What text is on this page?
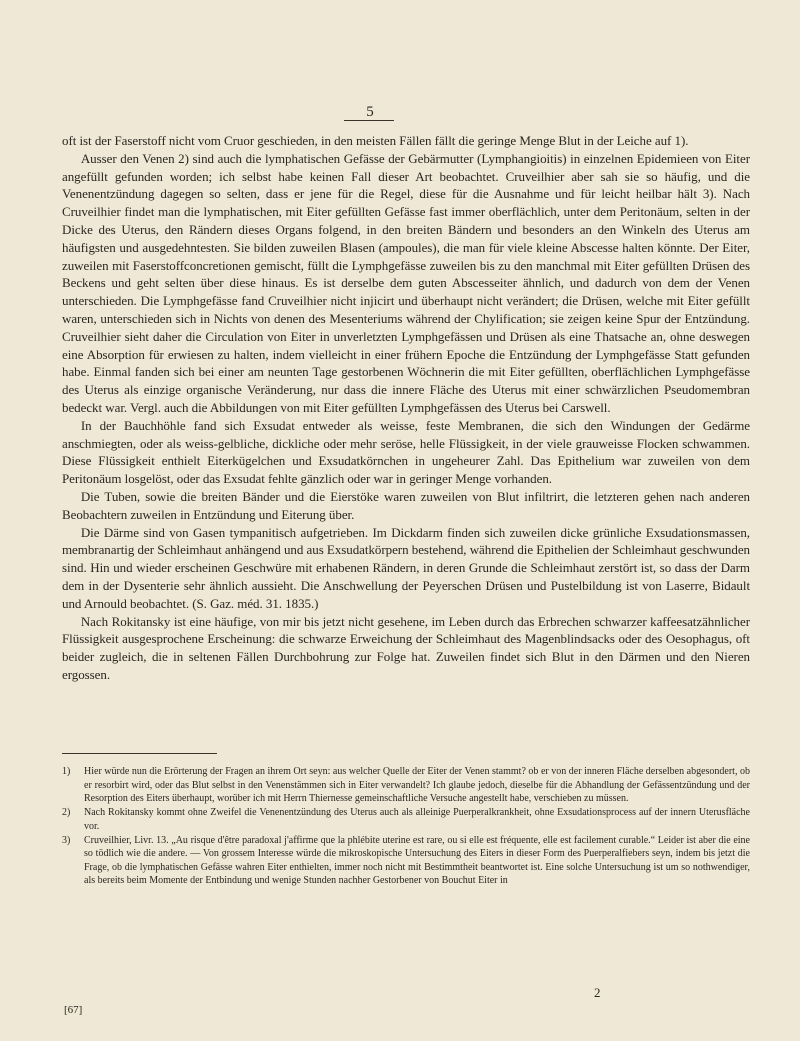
5

oft ist der Faserstoff nicht vom Cruor geschieden, in den meisten Fällen fällt die geringe Menge Blut in der Leiche auf 1).

Ausser den Venen 2) sind auch die lymphatischen Gefässe der Gebärmutter (Lymphangioitis) in einzelnen Epidemieen von Eiter angefüllt gefunden worden; ich selbst habe keinen Fall dieser Art beobachtet. Cruveilhier aber sah sie so häufig, und die Venenentzündung dagegen so selten, dass er jene für die Regel, diese für die Ausnahme und für leicht heilbar hält 3). Nach Cruveilhier findet man die lymphatischen, mit Eiter gefüllten Gefässe fast immer oberflächlich, unter dem Peritonäum, selten in der Dicke des Uterus, den Rändern dieses Organs folgend, in den breiten Bändern und besonders an den Winkeln des Uterus am häufigsten und ausgedehntesten. Sie bilden zuweilen Blasen (ampoules), die man für viele kleine Abscesse halten könnte. Der Eiter, zuweilen mit Faserstoffconcretionen gemischt, füllt die Lymphgefässe zuweilen bis zu den manchmal mit Eiter gefüllten Drüsen des Beckens und geht selten über diese hinaus. Es ist derselbe dem guten Abscesseiter ähnlich, und dadurch von dem der Venen unterschieden. Die Lymphgefässe fand Cruveilhier nicht injicirt und überhaupt nicht verändert; die Drüsen, welche mit Eiter gefüllt waren, unterschieden sich in Nichts von denen des Mesenteriums während der Chylification; sie zeigen keine Spur der Entzündung. Cruveilhier sieht daher die Circulation von Eiter in unverletzten Lymphgefässen und Drüsen als eine Thatsache an, ohne deswegen eine Absorption für erwiesen zu halten, indem vielleicht in einer frühern Epoche die Entzündung der Lymphgefässe Statt gefunden habe. Einmal fanden sich bei einer am neunten Tage gestorbenen Wöchnerin die mit Eiter gefüllten, oberflächlichen Lymphgefässe des Uterus als einzige organische Veränderung, nur dass die innere Fläche des Uterus mit einer schwärzlichen Pseudomembran bedeckt war. Vergl. auch die Abbildungen von mit Eiter gefüllten Lymphgefässen des Uterus bei Carswell.

In der Bauchhöhle fand sich Exsudat entweder als weisse, feste Membranen, die sich den Windungen der Gedärme anschmiegten, oder als weiss-gelbliche, dickliche oder mehr seröse, helle Flüssigkeit, in der viele grauweisse Flocken schwammen. Diese Flüssigkeit enthielt Eiterkügelchen und Exsudatkörnchen in ungeheurer Zahl. Das Epithelium war zuweilen von dem Peritonäum losgelöst, oder das Exsudat fehlte gänzlich oder war in geringer Menge vorhanden.

Die Tuben, sowie die breiten Bänder und die Eierstöke waren zuweilen von Blut infiltrirt, die letzteren gehen nach anderen Beobachtern zuweilen in Entzündung und Eiterung über.

Die Därme sind von Gasen tympanitisch aufgetrieben. Im Dickdarm finden sich zuweilen dicke grünliche Exsudationsmassen, membranartig der Schleimhaut anhängend und aus Exsudatkörpern bestehend, während die Epithelien der Schleimhaut geschwunden sind. Hin und wieder erscheinen Geschwüre mit erhabenen Rändern, in deren Grunde die Schleimhaut zerstört ist, so dass der Darm dem in der Dysenterie sehr ähnlich aussieht. Die Anschwellung der Peyerschen Drüsen und Pustelbildung ist von Laserre, Bidault und Arnould beobachtet. (S. Gaz. méd. 31. 1835.)

Nach Rokitansky ist eine häufige, von mir bis jetzt nicht gesehene, im Leben durch das Erbrechen schwarzer kaffeesatzähnlicher Flüssigkeit ausgesprochene Erscheinung: die schwarze Erweichung der Schleimhaut des Magenblindsacks oder des Oesophagus, oft beider zugleich, die in seltenen Fällen Durchbohrung zur Folge hat. Zuweilen findet sich Blut in den Därmen und den Nieren ergossen.

1)	Hier würde nun die Erörterung der Fragen an ihrem Ort seyn: aus welcher Quelle der Eiter der Venen stammt? ob er von der inneren Fläche derselben abgesondert, ob er resorbirt wird, oder das Blut selbst in den Venenstämmen sich in Eiter verwandelt? Ich glaube jedoch, dieselbe für die Abhandlung der Gefässentzündung und der Resorption des Eiters überhaupt, worüber ich mit Herrn Thiernesse gemeinschaftliche Versuche angestellt habe, verschieben zu müssen.
2)	Nach Rokitansky kommt ohne Zweifel die Venenentzündung des Uterus auch als alleinige Puerperalkrankheit, ohne Exsudationsprocess auf der innern Uterusfläche vor.
3)	Cruveilhier, Livr. 13. „Au risque d'être paradoxal j'affirme que la phlébite uterine est rare, ou si elle est fréquente, elle est facilement curable.“ Leider ist aber die eine so tödlich wie die andere. — Von grossem Interesse würde die mikroskopische Untersuchung des Eiters in dieser Form des Puerperalfiebers seyn, indem bis jetzt die Frage, ob die lymphatischen Gefässe wahren Eiter enthielten, immer noch nicht mit Bestimmtheit beantwortet ist. Eine solche Untersuchung ist um so nothwendiger, als bereits beim Momente der Entbindung und wenige Stunden nachher Gestorbener von Bouchut Eiter in
2
[67]
